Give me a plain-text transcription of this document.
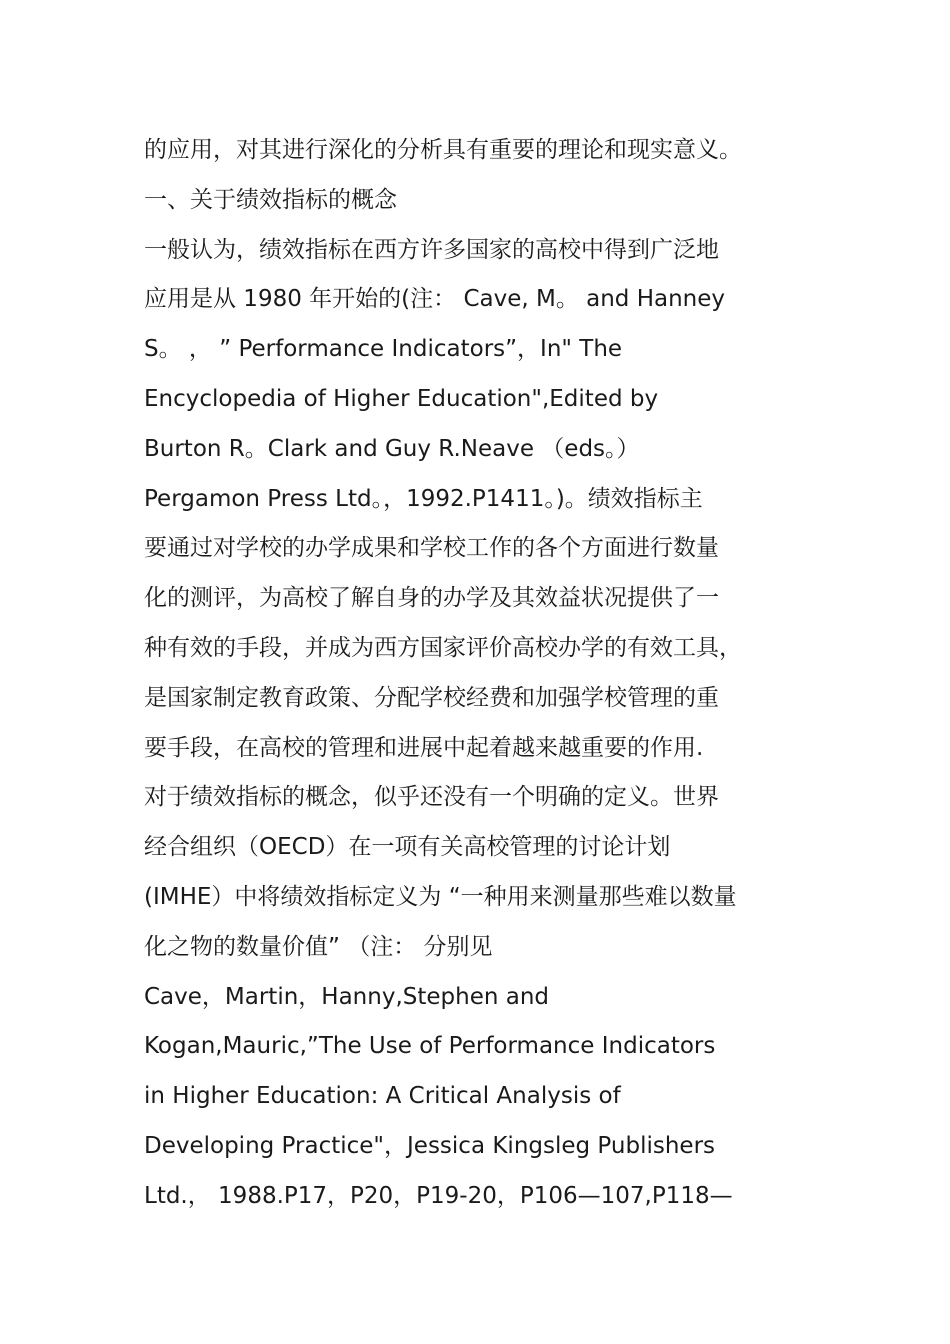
的应用，对其进行深化的分析具有重要的理论和现实意义。
一、关于绩效指标的概念
一般认为，绩效指标在西方许多国家的高校中得到广泛地
应用是从 1980 年开始的(注： Cave, M。 and Hanney
S。 ， ” Performance Indicators”，In" The
Encyclopedia of Higher Education",Edited by
Burton R。Clark and Guy R.Neave （eds。）
Pergamon Press Ltd。，1992.P1411。)。绩效指标主
要通过对学校的办学成果和学校工作的各个方面进行数量
化的测评，为高校了解自身的办学及其效益状况提供了一
种有效的手段，并成为西方国家评价高校办学的有效工具，
是国家制定教育政策、分配学校经费和加强学校管理的重
要手段，在高校的管理和进展中起着越来越重要的作用.
对于绩效指标的概念，似乎还没有一个明确的定义。世界
经合组织（OECD）在一项有关高校管理的讨论计划
(IMHE）中将绩效指标定义为 “一种用来测量那些难以数量
化之物的数量价值” （注： 分别见
Cave，Martin，Hanny,Stephen and
Kogan,Mauric,”The Use of Performance Indicators
in Higher Education: A Critical Analysis of
Developing Practice"，Jessica Kingsleg Publishers
Ltd.， 1988.P17，P20，P19-20，P106—107,P118—
